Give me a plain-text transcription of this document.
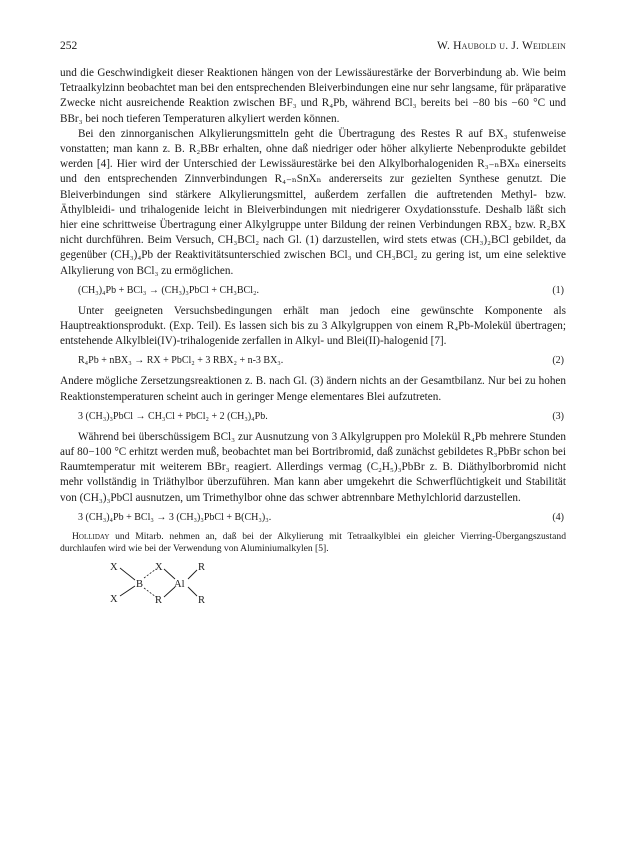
252	W. Haubold u. J. Weidlein

und die Geschwindigkeit dieser Reaktionen hängen von der Lewissäurestärke der Borverbindung ab. Wie beim Tetraalkylzinn beobachtet man bei den entsprechenden Bleiverbindungen eine nur sehr langsame, für präparative Zwecke nicht ausreichende Reaktion zwischen BF₃ und R₄Pb, während BCl₃ bereits bei −80 bis −60 °C und BBr₃ bei noch tieferen Temperaturen alkyliert werden können.

Bei den zinnorganischen Alkylierungsmitteln geht die Übertragung des Restes R auf BX₃ stufenweise vonstatten; man kann z. B. R₂BBr erhalten, ohne daß niedriger oder höher alkylierte Nebenprodukte gebildet werden [4]. Hier wird der Unterschied der Lewissäurestärke bei den Alkylborhalogeniden R₃₋ₙBXₙ einerseits und den entsprechenden Zinnverbindungen R₄₋ₙSnXₙ andererseits zur gezielten Synthese genutzt. Die Bleiverbindungen sind stärkere Alkylierungsmittel, außerdem zerfallen die auftretenden Methyl- bzw. Äthylbleidi- und trihalogenide leicht in Bleiverbindungen mit niedrigerer Oxydationsstufe. Deshalb läßt sich hier eine schrittweise Übertragung einer Alkylgruppe unter Bildung der reinen Verbindungen RBX₂ bzw. R₂BX nicht durchführen. Beim Versuch, CH₃BCl₂ nach Gl. (1) darzustellen, wird stets etwas (CH₃)₂BCl gebildet, da gegenüber (CH₃)₄Pb der Reaktivitätsunterschied zwischen BCl₃ und CH₃BCl₂ zu gering ist, um eine selektive Alkylierung von BCl₃ zu ermöglichen.

(CH₃)₄Pb + BCl₃ → (CH₃)₃PbCl + CH₃BCl₂.	(1)

Unter geeigneten Versuchsbedingungen erhält man jedoch eine gewünschte Komponente als Hauptreaktionsprodukt. (Exp. Teil). Es lassen sich bis zu 3 Alkylgruppen von einem R₄Pb-Molekül übertragen; entstehende Alkylblei(IV)-trihalogenide zerfallen in Alkyl- und Blei(II)-halogenid [7].

R₄Pb + nBX₃ → RX + PbCl₂ + 3 RBX₂ + n-3 BX₃.	(2)

Andere mögliche Zersetzungsreaktionen z. B. nach Gl. (3) ändern nichts an der Gesamtbilanz. Nur bei zu hohen Reaktionstemperaturen scheint auch in geringer Menge elementares Blei aufzutreten.

3 (CH₃)₃PbCl → CH₃Cl + PbCl₂ + 2 (CH₃)₄Pb.	(3)

Während bei überschüssigem BCl₃ zur Ausnutzung von 3 Alkylgruppen pro Molekül R₄Pb mehrere Stunden auf 80−100 °C erhitzt werden muß, beobachtet man bei Bortribromid, daß zunächst gebildetes R₃PbBr schon bei Raumtemperatur mit weiterem BBr₃ reagiert. Allerdings vermag (C₂H₅)₃PbBr z. B. Diäthylborbromid nicht mehr vollständig in Triäthylbor überzuführen. Man kann aber umgekehrt die Schwerflüchtigkeit und Stabilität von (CH₃)₃PbCl ausnutzen, um Trimethylbor ohne das schwer abtrennbare Methylchlorid darzustellen.

3 (CH₃)₄Pb + BCl₃ → 3 (CH₃)₃PbCl + B(CH₃)₃.	(4)

Holliday und Mitarb. nehmen an, daß bei der Alkylierung mit Tetraalkylblei ein gleicher Vierring-Übergangszustand durchlaufen wird wie bei der Verwendung von Aluminiumalkylen [5].

X
X
B
X
R
Al
R
R
